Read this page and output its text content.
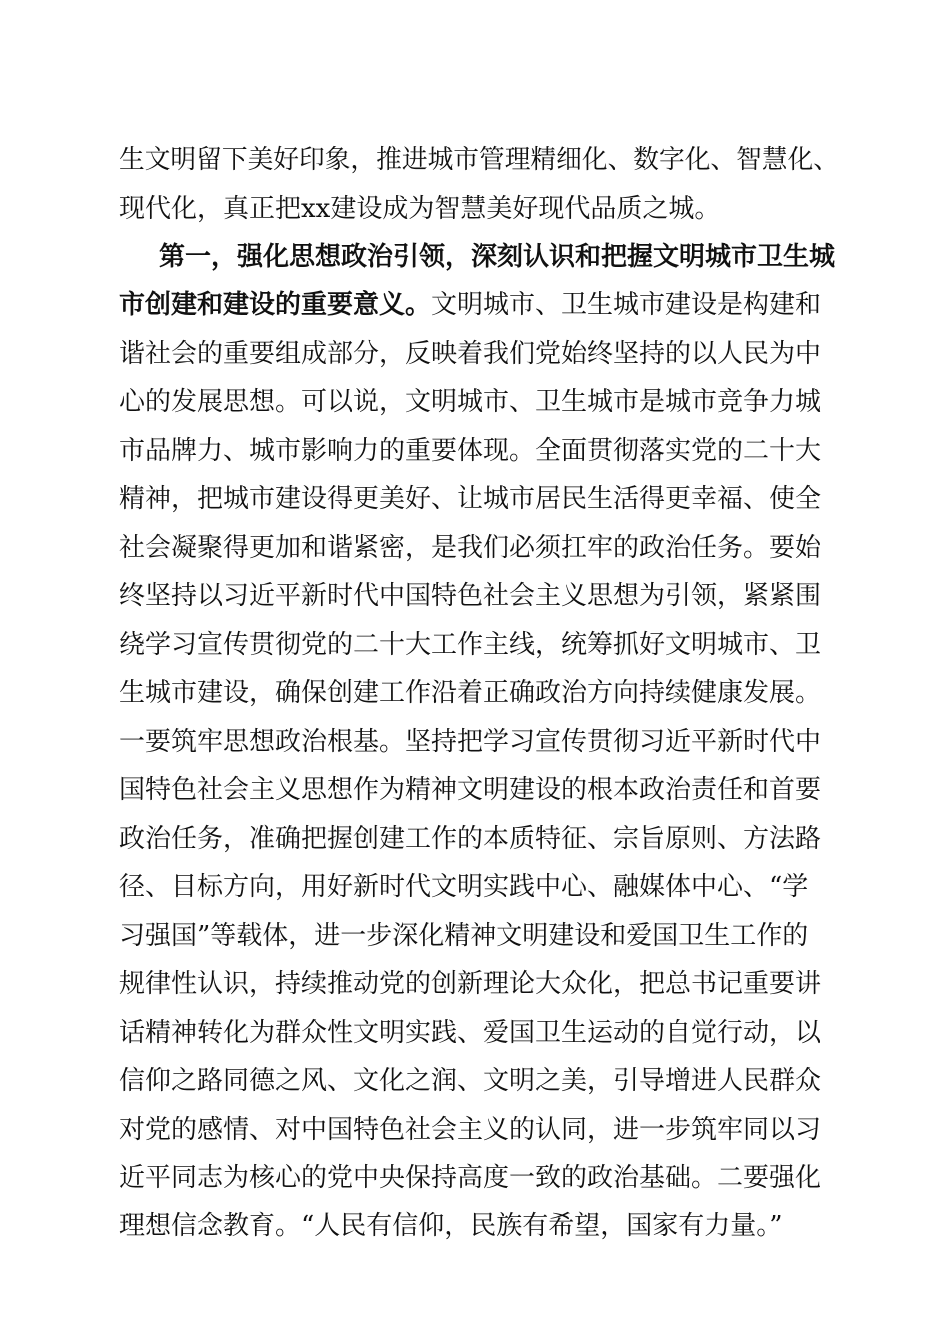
生文明留下美好印象，推进城市管理精细化、数字化、智慧化、
现代化，真正把xx建设成为智慧美好现代品质之城。
第一，强化思想政治引领，深刻认识和把握文明城市卫生城
市创建和建设的重要意义。 文明城市、卫生城市建设是构建和
谐社会的重要组成部分，反映着我们党始终坚持的以人民为中
心的发展思想。可以说，文明城市、卫生城市是城市竞争力城
市品牌力、城市影响力的重要体现。全面贯彻落实党的二十大
精神，把城市建设得更美好、让城市居民生活得更幸福、使全
社会凝聚得更加和谐紧密，是我们必须扛牢的政治任务。要始
终坚持以习近平新时代中国特色社会主义思想为引领，紧紧围
绕学习宣传贯彻党的二十大工作主线，统筹抓好文明城市、卫
生城市建设，确保创建工作沿着正确政治方向持续健康发展。
一要筑牢思想政治根基。坚持把学习宣传贯彻习近平新时代中
国特色社会主义思想作为精神文明建设的根本政治责任和首要
政治任务，准确把握创建工作的本质特征、宗旨原则、方法路
径、目标方向，用好新时代文明实践中心、融媒体中心、“学
习强国”等载体，进一步深化精神文明建设和爱国卫生工作的
规律性认识，持续推动党的创新理论大众化，把总书记重要讲
话精神转化为群众性文明实践、爱国卫生运动的自觉行动，以
信仰之路同德之风、文化之润、文明之美，引导增进人民群众
对党的感情、对中国特色社会主义的认同，进一步筑牢同以习
近平同志为核心的党中央保持高度一致的政治基础。二要强化
理想信念教育。“人民有信仰，民族有希望，国家有力量。”
